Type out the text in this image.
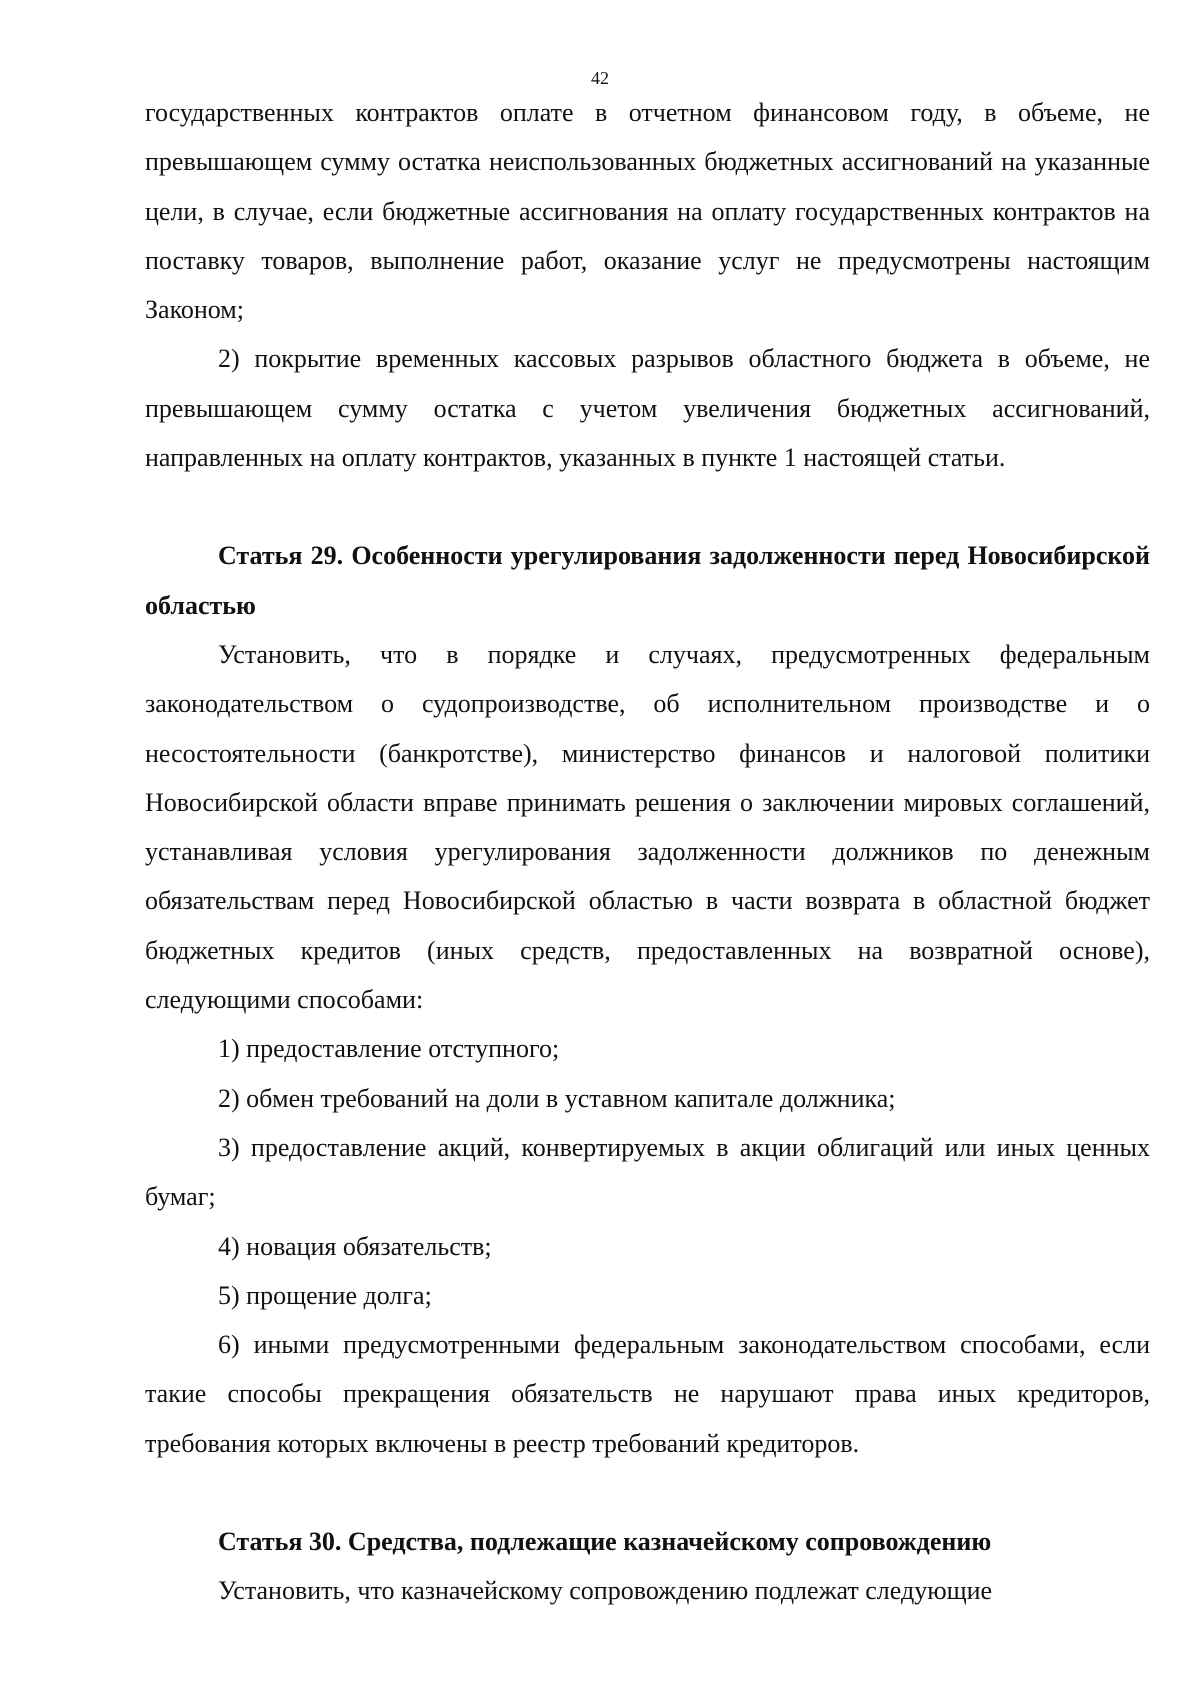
42

государственных контрактов оплате в отчетном финансовом году, в объеме, не превышающем сумму остатка неиспользованных бюджетных ассигнований на указанные цели, в случае, если бюджетные ассигнования на оплату государственных контрактов на поставку товаров, выполнение работ, оказание услуг не предусмотрены настоящим Законом;

2) покрытие временных кассовых разрывов областного бюджета в объеме, не превышающем сумму остатка с учетом увеличения бюджетных ассигнований, направленных на оплату контрактов, указанных в пункте 1 настоящей статьи.

Статья 29. Особенности урегулирования задолженности перед Новосибирской областью

Установить, что в порядке и случаях, предусмотренных федеральным законодательством о судопроизводстве, об исполнительном производстве и о несостоятельности (банкротстве), министерство финансов и налоговой политики Новосибирской области вправе принимать решения о заключении мировых соглашений, устанавливая условия урегулирования задолженности должников по денежным обязательствам перед Новосибирской областью в части возврата в областной бюджет бюджетных кредитов (иных средств, предоставленных на возвратной основе), следующими способами:

1) предоставление отступного;

2) обмен требований на доли в уставном капитале должника;

3) предоставление акций, конвертируемых в акции облигаций или иных ценных бумаг;

4) новация обязательств;

5) прощение долга;

6) иными предусмотренными федеральным законодательством способами, если такие способы прекращения обязательств не нарушают права иных кредиторов, требования которых включены в реестр требований кредиторов.

Статья 30. Средства, подлежащие казначейскому сопровождению

Установить, что казначейскому сопровождению подлежат следующие
